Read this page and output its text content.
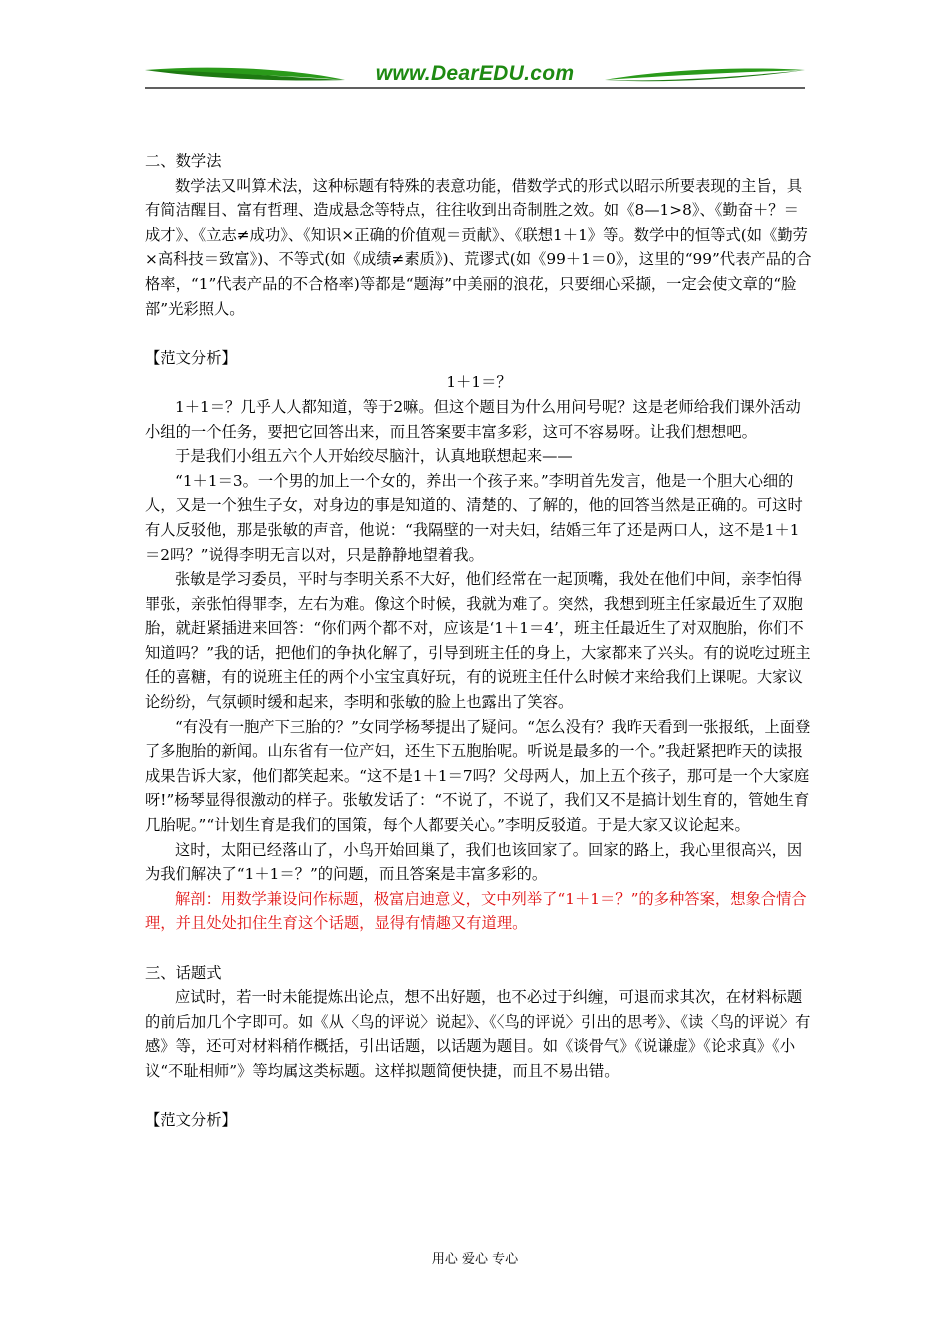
www.DearEDU.com

二、数学法

数学法又叫算术法，这种标题有特殊的表意功能，借数学式的形式以昭示所要表现的主旨，具有简洁醒目、富有哲理、造成悬念等特点，往往收到出奇制胜之效。如《8—1>8》、《勤奋＋？＝成才》、《立志≠成功》、《知识×正确的价值观＝贡献》、《联想1＋1》等。数学中的恒等式(如《勤劳×高科技＝致富》)、不等式(如《成绩≠素质》)、荒谬式(如《99＋1＝0》，这里的“99”代表产品的合格率，“1”代表产品的不合格率)等都是“题海”中美丽的浪花，只要细心采撷，一定会使文章的“脸部”光彩照人。

【范文分析】

1＋1＝？

1＋1＝？几乎人人都知道，等于2嘛。但这个题目为什么用问号呢？这是老师给我们课外活动小组的一个任务，要把它回答出来，而且答案要丰富多彩，这可不容易呀。让我们想想吧。

于是我们小组五六个人开始绞尽脑汁，认真地联想起来——

“1＋1＝3。一个男的加上一个女的，养出一个孩子来。”李明首先发言，他是一个胆大心细的人，又是一个独生子女，对身边的事是知道的、清楚的、了解的，他的回答当然是正确的。可这时有人反驳他，那是张敏的声音，他说：“我隔壁的一对夫妇，结婚三年了还是两口人，这不是1＋1＝2吗？”说得李明无言以对，只是静静地望着我。

张敏是学习委员，平时与李明关系不大好，他们经常在一起顶嘴，我处在他们中间，亲李怕得罪张，亲张怕得罪李，左右为难。像这个时候，我就为难了。突然，我想到班主任家最近生了双胞胎，就赶紧插进来回答：“你们两个都不对，应该是‘1＋1＝4’，班主任最近生了对双胞胎，你们不知道吗？”我的话，把他们的争执化解了，引导到班主任的身上，大家都来了兴头。有的说吃过班主任的喜糖，有的说班主任的两个小宝宝真好玩，有的说班主任什么时候才来给我们上课呢。大家议论纷纷，气氛顿时缓和起来，李明和张敏的脸上也露出了笑容。

“有没有一胞产下三胎的？”女同学杨琴提出了疑问。“怎么没有？我昨天看到一张报纸，上面登了多胞胎的新闻。山东省有一位产妇，还生下五胞胎呢。听说是最多的一个。”我赶紧把昨天的读报成果告诉大家，他们都笑起来。“这不是1＋1＝7吗？父母两人，加上五个孩子，那可是一个大家庭呀!”杨琴显得很激动的样子。张敏发话了：“不说了，不说了，我们又不是搞计划生育的，管她生育几胎呢。”“计划生育是我们的国策，每个人都要关心。”李明反驳道。于是大家又议论起来。

这时，太阳已经落山了，小鸟开始回巢了，我们也该回家了。回家的路上，我心里很高兴，因为我们解决了“1＋1＝？”的问题，而且答案是丰富多彩的。

解剖：用数学兼设问作标题，极富启迪意义，文中列举了“1＋1＝？”的多种答案，想象合情合理，并且处处扣住生育这个话题，显得有情趣又有道理。

三、话题式

应试时，若一时未能提炼出论点，想不出好题，也不必过于纠缠，可退而求其次，在材料标题的前后加几个字即可。如《从〈鸟的评说〉说起》、《〈鸟的评说〉引出的思考》、《读〈鸟的评说〉有感》等，还可对材料稍作概括，引出话题，以话题为题目。如《谈骨气》《说谦虚》《论求真》《小议“不耻相师”》等均属这类标题。这样拟题简便快捷，而且不易出错。

【范文分析】

用心 爱心 专心
